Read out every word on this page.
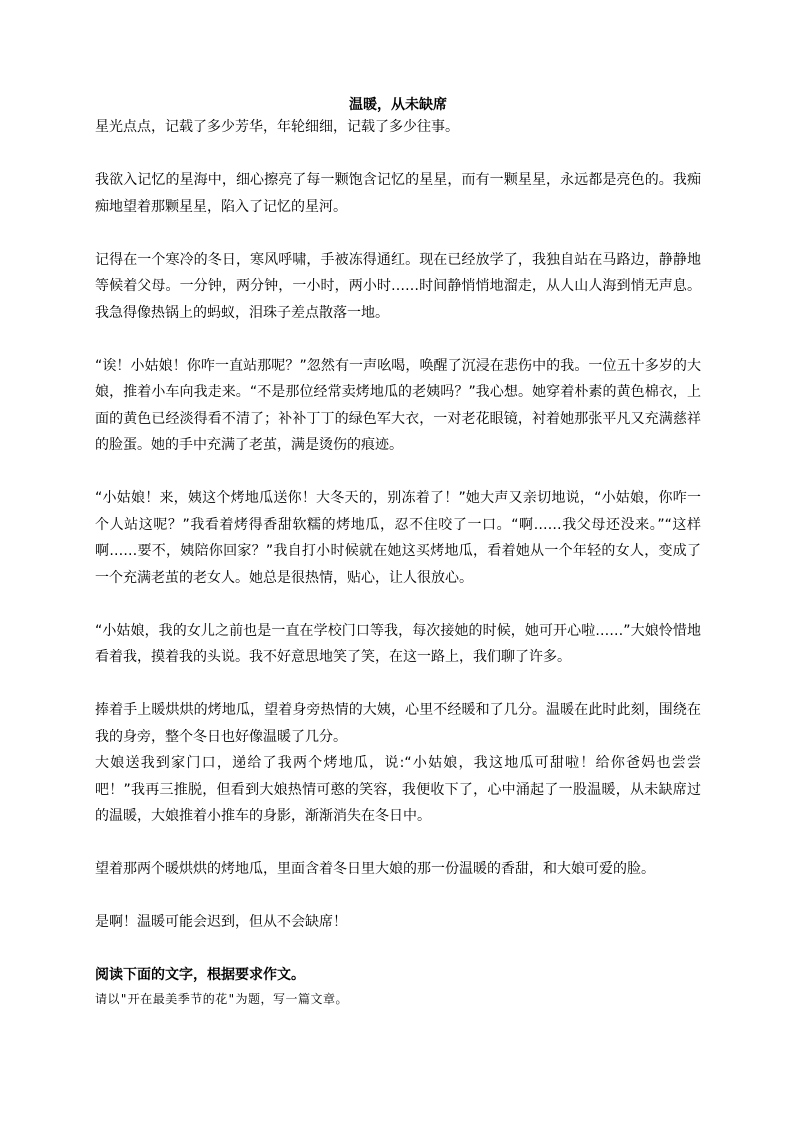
温暖，从未缺席

星光点点，记载了多少芳华，年轮细细，记载了多少往事。

我欲入记忆的星海中，细心擦亮了每一颗饱含记忆的星星，而有一颗星星，永远都是亮色的。我痴痴地望着那颗星星，陷入了记忆的星河。

记得在一个寒冷的冬日，寒风呼啸，手被冻得通红。现在已经放学了，我独自站在马路边，静静地等候着父母。一分钟，两分钟，一小时，两小时……时间静悄悄地溜走，从人山人海到悄无声息。我急得像热锅上的蚂蚁，泪珠子差点散落一地。

“诶！小姑娘！你咋一直站那呢？”忽然有一声吆喝，唤醒了沉浸在悲伤中的我。一位五十多岁的大娘，推着小车向我走来。“不是那位经常卖烤地瓜的老姨吗？”我心想。她穿着朴素的黄色棉衣，上面的黄色已经淡得看不清了；补补丁丁的绿色军大衣，一对老花眼镜，衬着她那张平凡又充满慈祥的脸蛋。她的手中充满了老茧，满是烫伤的痕迹。

“小姑娘！来，姨这个烤地瓜送你！大冬天的，别冻着了！”她大声又亲切地说，“小姑娘，你咋一个人站这呢？”我看着烤得香甜软糯的烤地瓜，忍不住咬了一口。“啊……我父母还没来。”“这样啊……要不，姨陪你回家？”我自打小时候就在她这买烤地瓜，看着她从一个年轻的女人，变成了一个充满老茧的老女人。她总是很热情，贴心，让人很放心。

“小姑娘，我的女儿之前也是一直在学校门口等我，每次接她的时候，她可开心啦……”大娘怜惜地看着我，摸着我的头说。我不好意思地笑了笑，在这一路上，我们聊了许多。

捧着手上暖烘烘的烤地瓜，望着身旁热情的大姨，心里不经暖和了几分。温暖在此时此刻，围绕在我的身旁，整个冬日也好像温暖了几分。

大娘送我到家门口，递给了我两个烤地瓜，说:“小姑娘，我这地瓜可甜啦！给你爸妈也尝尝吧！”我再三推脱，但看到大娘热情可憨的笑容，我便收下了，心中涌起了一股温暖，从未缺席过的温暖，大娘推着小推车的身影，渐渐消失在冬日中。

望着那两个暖烘烘的烤地瓜，里面含着冬日里大娘的那一份温暖的香甜，和大娘可爱的脸。

是啊！温暖可能会迟到，但从不会缺席！

阅读下面的文字，根据要求作文。

请以"开在最美季节的花"为题，写一篇文章。
